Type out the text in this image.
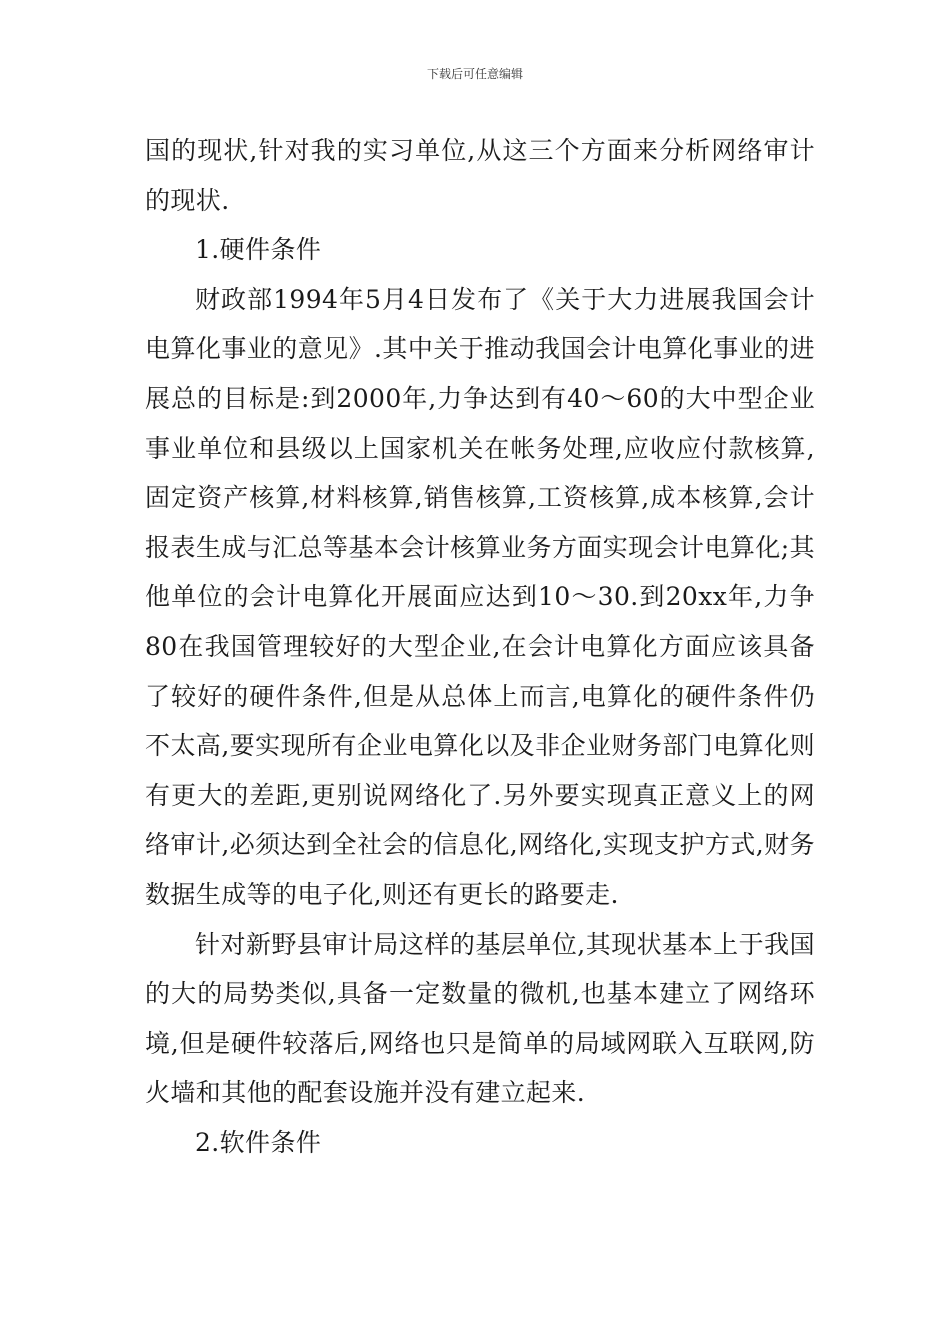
下载后可任意编辑

国的现状,针对我的实习单位,从这三个方面来分析网络审计的现状.

1.硬件条件

财政部1994年5月4日发布了《关于大力进展我国会计电算化事业的意见》.其中关于推动我国会计电算化事业的进展总的目标是:到2000年,力争达到有40～60的大中型企业事业单位和县级以上国家机关在帐务处理,应收应付款核算,固定资产核算,材料核算,销售核算,工资核算,成本核算,会计报表生成与汇总等基本会计核算业务方面实现会计电算化;其他单位的会计电算化开展面应达到10～30.到20xx年,力争80在我国管理较好的大型企业,在会计电算化方面应该具备了较好的硬件条件,但是从总体上而言,电算化的硬件条件仍不太高,要实现所有企业电算化以及非企业财务部门电算化则有更大的差距,更别说网络化了.另外要实现真正意义上的网络审计,必须达到全社会的信息化,网络化,实现支护方式,财务数据生成等的电子化,则还有更长的路要走.

针对新野县审计局这样的基层单位,其现状基本上于我国的大的局势类似,具备一定数量的微机,也基本建立了网络环境,但是硬件较落后,网络也只是简单的局域网联入互联网,防火墙和其他的配套设施并没有建立起来.

2.软件条件
